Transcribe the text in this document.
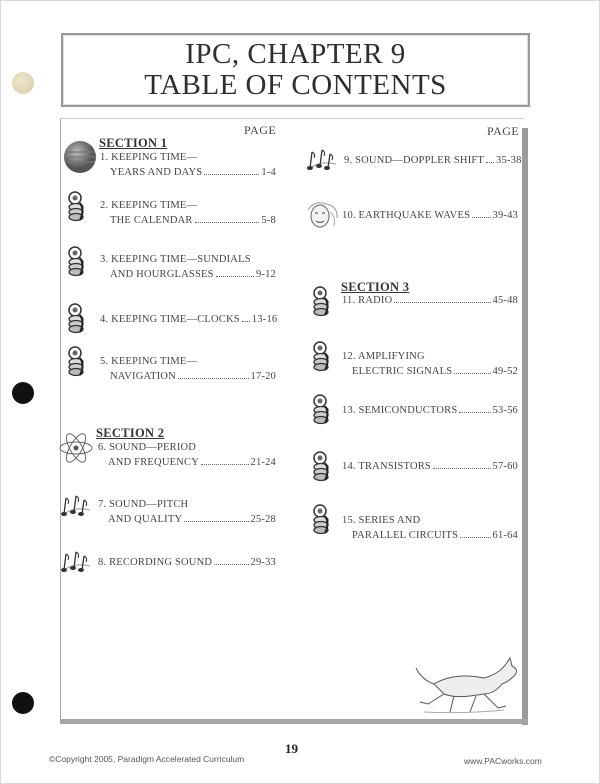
IPC, CHAPTER 9
TABLE OF CONTENTS
PAGE	PAGE
SECTION 1
SECTION 2
SECTION 3
1. KEEPING TIME—
YEARS AND DAYS	1-4
2. KEEPING TIME—
THE CALENDAR	5-8
3. KEEPING TIME—SUNDIALS
AND HOURGLASSES	9-12
4. KEEPING TIME—CLOCKS 13-16
5. KEEPING TIME—
NAVIGATION	17-20
6. SOUND—PERIOD
AND FREQUENCY	21-24
7. SOUND—PITCH
AND QUALITY	25-28
8. RECORDING SOUND	29-33
9. SOUND—DOPPLER SHIFT 35-38
10. EARTHQUAKE WAVES 39-43
11. RADIO	45-48
12. AMPLIFYING
ELECTRIC SIGNALS	49-52
13. SEMICONDUCTORS	53-56
14. TRANSISTORS	57-60
15. SERIES AND
PARALLEL CIRCUITS	61-64
19
©Copyright 2005, Paradigm Accelerated Curriculum	www.PACworks.com
